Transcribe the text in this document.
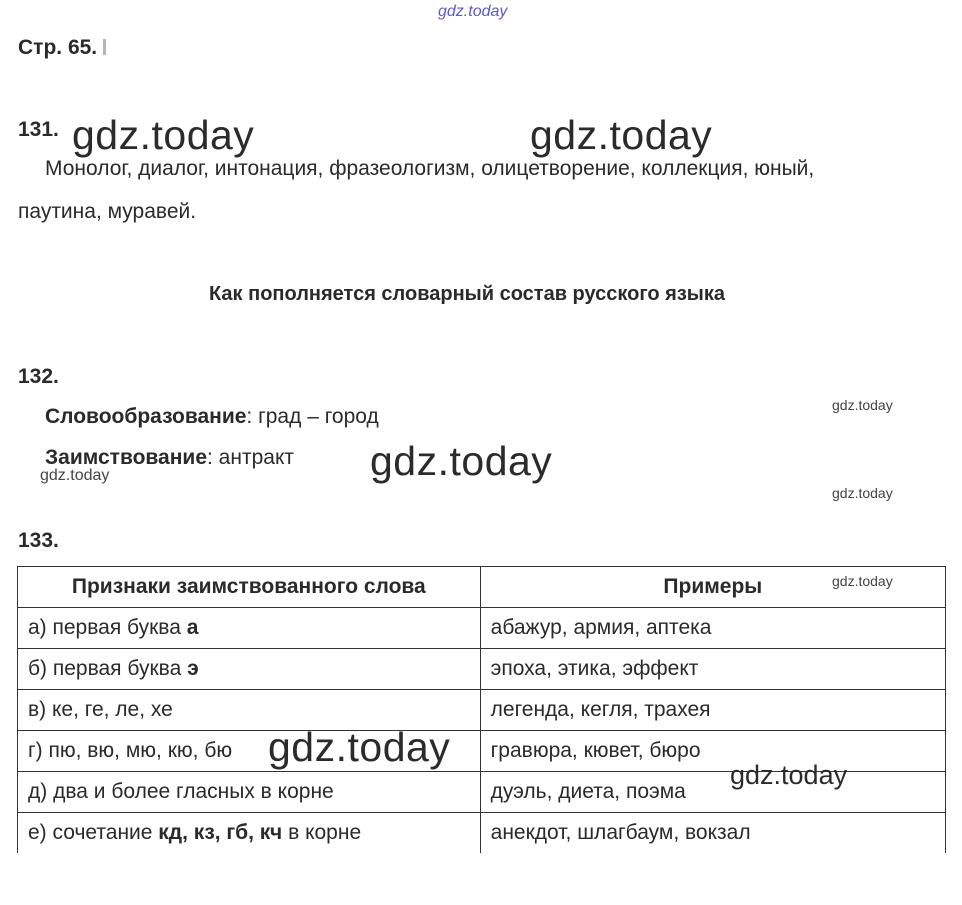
gdz.today
Стр. 65.
131. gdz.today	gdz.today
Монолог, диалог, интонация, фразеологизм, олицетворение, коллекция, юный,
паутина, муравей.
Как пополняется словарный состав русского языка
132.
Словообразование: град – город
Заимствование: антракт
gdz.today
gdz.today	gdz.today
gdz.today
133.
Признаки заимствованного слова	Примеры
а) первая буква а	абажур, армия, аптека
б) первая буква э	эпоха, этика, эффект
в) ке, ге, ле, хе	легенда, кегля, трахея
г) пю, вю, мю, кю, бю	гравюра, кювет, бюро
д) два и более гласных в корне	дуэль, диета, поэма
е) сочетание кд, кз, гб, кч в корне	анекдот, шлагбаум, вокзал
gdz.today
gdz.today
gdz.today
